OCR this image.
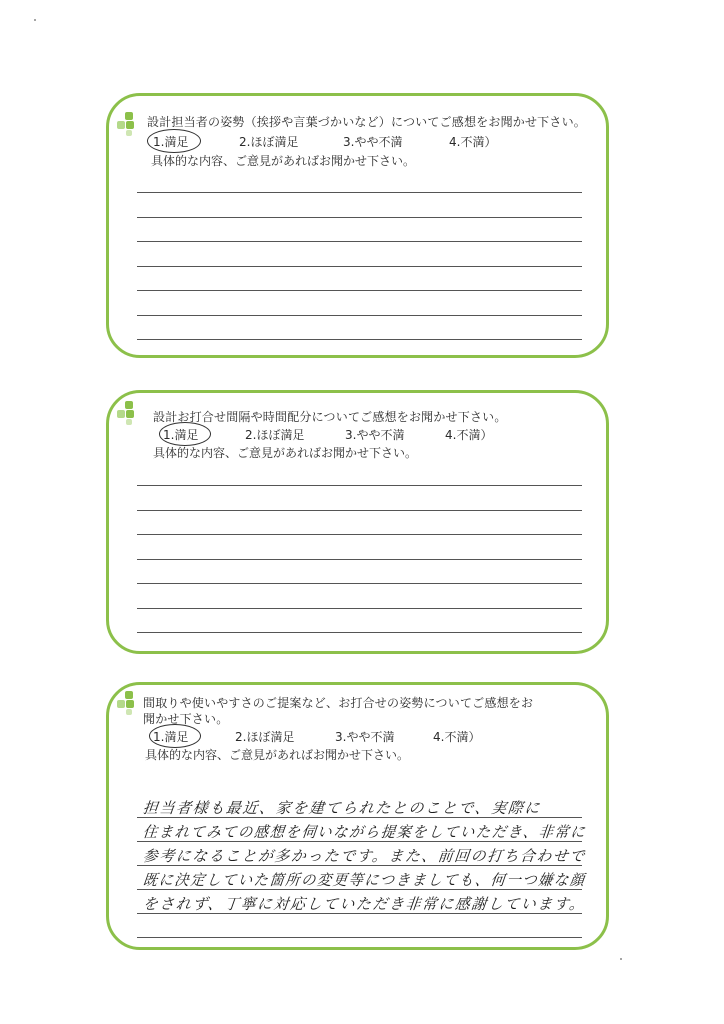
設計担当者の姿勢（挨拶や言葉づかいなど）についてご感想をお聞かせ下さい。
1.満足	2.ほぼ満足	3.やや不満	4.不満）
具体的な内容、ご意見があればお聞かせ下さい。
設計お打合せ間隔や時間配分についてご感想をお聞かせ下さい。
1.満足	2.ほぼ満足	3.やや不満	4.不満）
具体的な内容、ご意見があればお聞かせ下さい。
間取りや使いやすさのご提案など、お打合せの姿勢についてご感想をお
聞かせ下さい。
1.満足	2.ほぼ満足	3.やや不満	4.不満）
具体的な内容、ご意見があればお聞かせ下さい。
担当者様も最近、家を建てられたとのことで、実際に
住まれてみての感想を伺いながら提案をしていただき、非常に
参考になることが多かったです。また、前回の打ち合わせで
既に決定していた箇所の変更等につきましても、何一つ嫌な顔
をされず、丁寧に対応していただき非常に感謝しています。
